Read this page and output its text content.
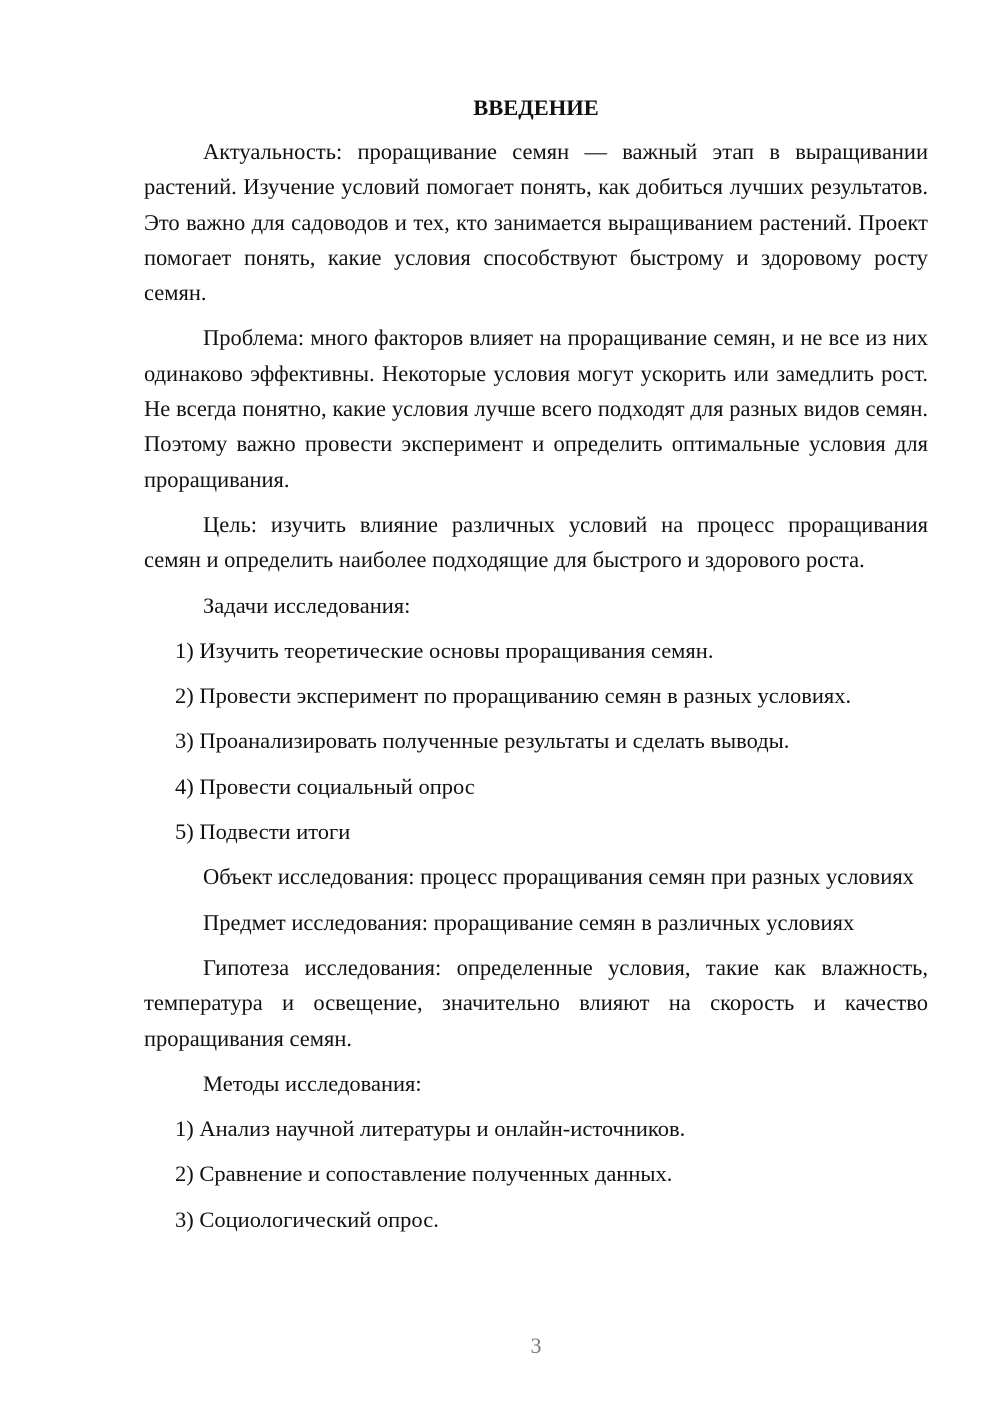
ВВЕДЕНИЕ

Актуальность: проращивание семян — важный этап в выращивании растений. Изучение условий помогает понять, как добиться лучших результатов. Это важно для садоводов и тех, кто занимается выращиванием растений. Проект помогает понять, какие условия способствуют быстрому и здоровому росту семян.

Проблема: много факторов влияет на проращивание семян, и не все из них одинаково эффективны. Некоторые условия могут ускорить или замедлить рост. Не всегда понятно, какие условия лучше всего подходят для разных видов семян. Поэтому важно провести эксперимент и определить оптимальные условия для проращивания.

Цель: изучить влияние различных условий на процесс проращивания семян и определить наиболее подходящие для быстрого и здорового роста.

Задачи исследования:

1) Изучить теоретические основы проращивания семян.
2) Провести эксперимент по проращиванию семян в разных условиях.
3) Проанализировать полученные результаты и сделать выводы.
4) Провести социальный опрос
5) Подвести итоги

Объект исследования: процесс проращивания семян при разных условиях

Предмет исследования: проращивание семян в различных условиях

Гипотеза исследования: определенные условия, такие как влажность, температура и освещение, значительно влияют на скорость и качество проращивания семян.

Методы исследования:

1) Анализ научной литературы и онлайн-источников.
2) Сравнение и сопоставление полученных данных.
3) Социологический опрос.
3
